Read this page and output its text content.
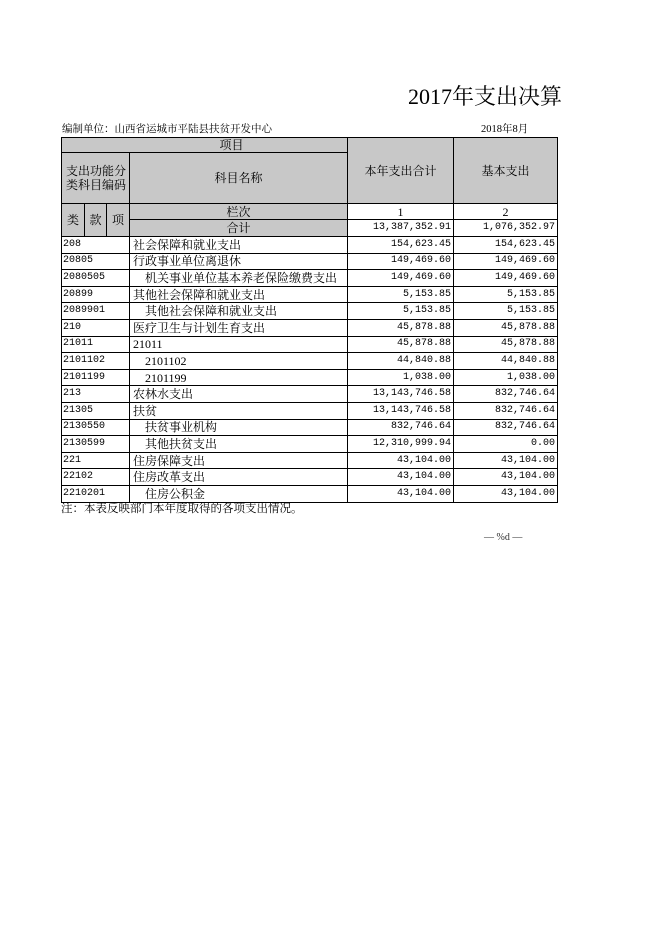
2017年支出决算
编制单位：山西省运城市平陆县扶贫开发中心	2018年8月
项目				本年支出合计	基本支出
支出功能分类科目编码			科目名称		
类	款	项	栏次	1	2
			合计	13,387,352.91	1,076,352.97
208			社会保障和就业支出	154,623.45	154,623.45
20805			行政事业单位离退休	149,469.60	149,469.60
2080505			机关事业单位基本养老保险缴费支出	149,469.60	149,469.60
20899			其他社会保障和就业支出	5,153.85	5,153.85
2089901			其他社会保障和就业支出	5,153.85	5,153.85
210			医疗卫生与计划生育支出	45,878.88	45,878.88
21011			21011	45,878.88	45,878.88
2101102			2101102	44,840.88	44,840.88
2101199			2101199	1,038.00	1,038.00
213			农林水支出	13,143,746.58	832,746.64
21305			扶贫	13,143,746.58	832,746.64
2130550			扶贫事业机构	832,746.64	832,746.64
2130599			其他扶贫支出	12,310,999.94	0.00
221			住房保障支出	43,104.00	43,104.00
22102			住房改革支出	43,104.00	43,104.00
2210201			住房公积金	43,104.00	43,104.00
注：本表反映部门本年度取得的各项支出情况。
— %d —
